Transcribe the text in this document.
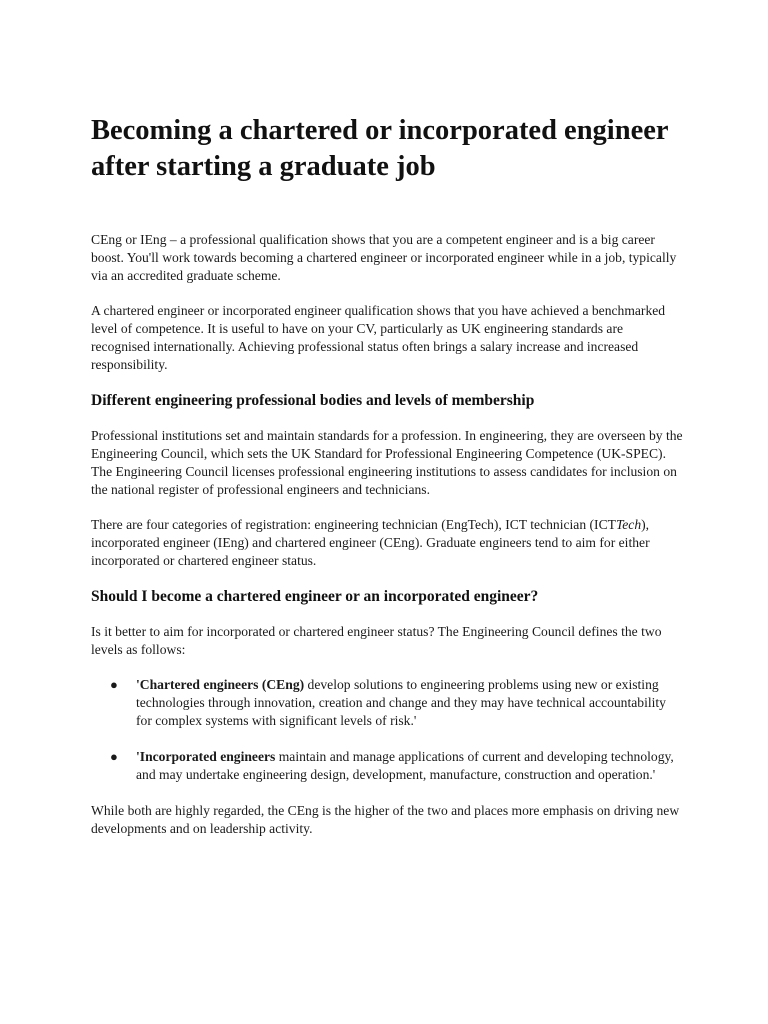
Becoming a chartered or incorporated engineer after starting a graduate job

CEng or IEng – a professional qualification shows that you are a competent engineer and is a big career boost. You'll work towards becoming a chartered engineer or incorporated engineer while in a job, typically via an accredited graduate scheme.

A chartered engineer or incorporated engineer qualification shows that you have achieved a benchmarked level of competence. It is useful to have on your CV, particularly as UK engineering standards are recognised internationally. Achieving professional status often brings a salary increase and increased responsibility.

Different engineering professional bodies and levels of membership

Professional institutions set and maintain standards for a profession. In engineering, they are overseen by the Engineering Council, which sets the UK Standard for Professional Engineering Competence (UK-SPEC). The Engineering Council licenses professional engineering institutions to assess candidates for inclusion on the national register of professional engineers and technicians.

There are four categories of registration: engineering technician (EngTech), ICT technician (ICTTech), incorporated engineer (IEng) and chartered engineer (CEng). Graduate engineers tend to aim for either incorporated or chartered engineer status.

Should I become a chartered engineer or an incorporated engineer?

Is it better to aim for incorporated or chartered engineer status? The Engineering Council defines the two levels as follows:

● 'Chartered engineers (CEng) develop solutions to engineering problems using new or existing technologies through innovation, creation and change and they may have technical accountability for complex systems with significant levels of risk.'
● 'Incorporated engineers maintain and manage applications of current and developing technology, and may undertake engineering design, development, manufacture, construction and operation.'

While both are highly regarded, the CEng is the higher of the two and places more emphasis on driving new developments and on leadership activity.
